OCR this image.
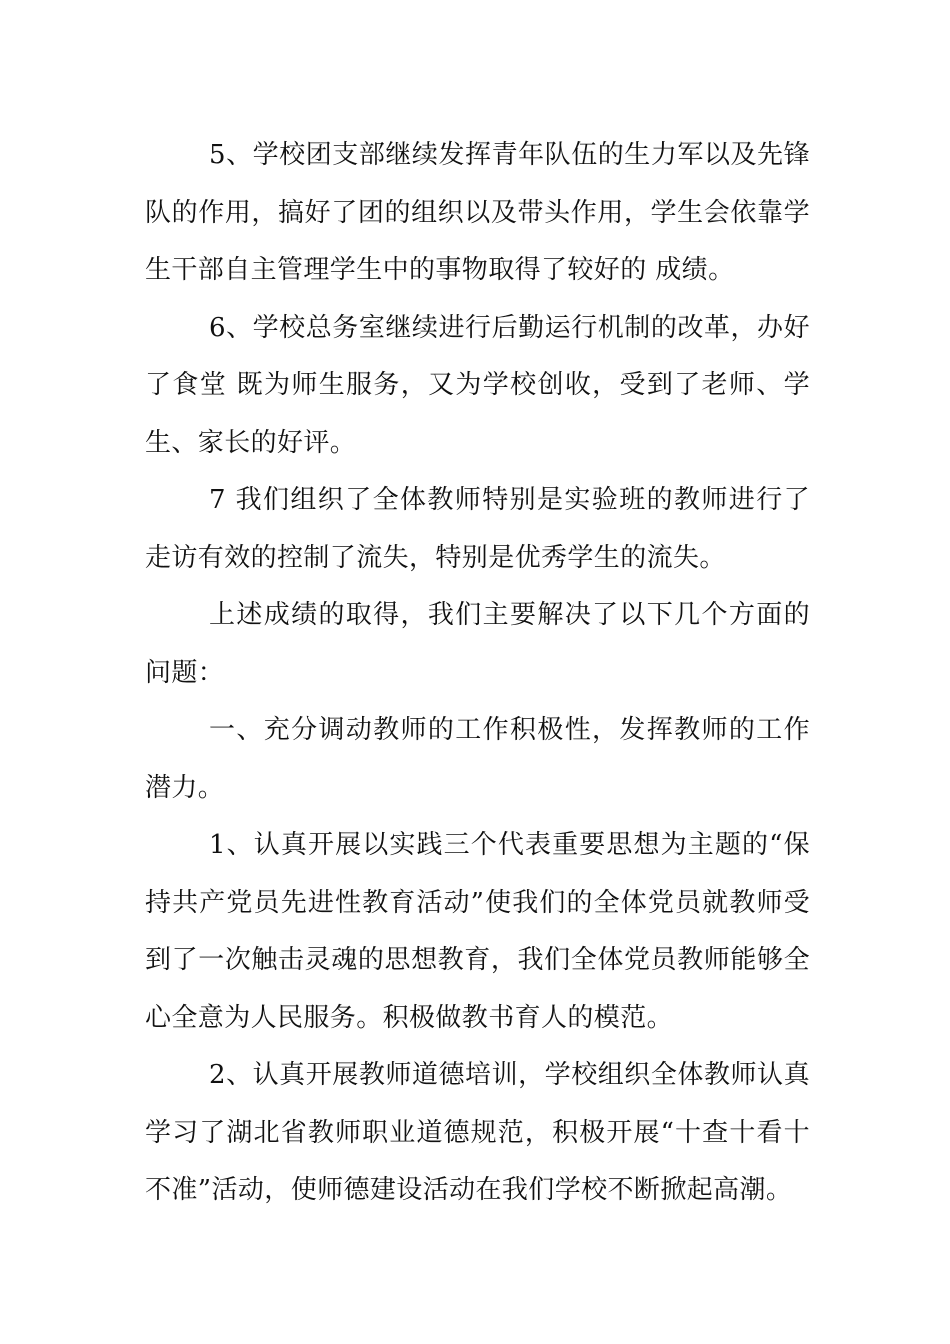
5、学校团支部继续发挥青年队伍的生力军以及先锋队的作用，搞好了团的组织以及带头作用，学生会依靠学生干部自主管理学生中的事物取得了较好的 成绩。

6、学校总务室继续进行后勤运行机制的改革，办好了食堂 既为师生服务，又为学校创收，受到了老师、学生、家长的好评。

7 我们组织了全体教师特别是实验班的教师进行了走访有效的控制了流失，特别是优秀学生的流失。

上述成绩的取得，我们主要解决了以下几个方面的问题：

一、充分调动教师的工作积极性，发挥教师的工作潜力。

1、认真开展以实践三个代表重要思想为主题的“保持共产党员先进性教育活动”使我们的全体党员就教师受到了一次触击灵魂的思想教育，我们全体党员教师能够全心全意为人民服务。积极做教书育人的模范。

2、认真开展教师道德培训，学校组织全体教师认真学习了湖北省教师职业道德规范，积极开展“十查十看十不准”活动，使师德建设活动在我们学校不断掀起高潮。
